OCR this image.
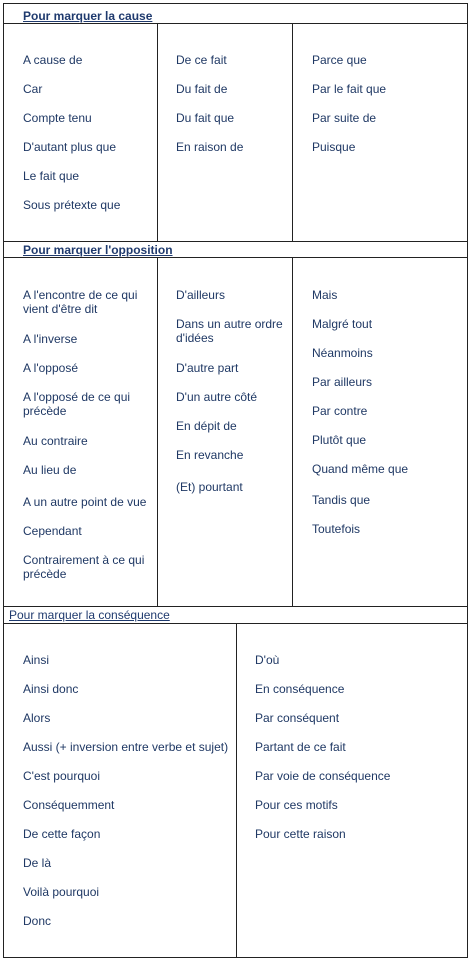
Pour marquer la cause
A cause de
Car
Compte tenu
D'autant plus que
Le fait que
Sous prétexte que
De ce fait
Du fait de
Du fait que
En raison de
Parce que
Par le fait que
Par suite de
Puisque
Pour marquer l'opposition
A l'encontre de ce qui vient d'être dit
A l'inverse
A l'opposé
A l'opposé de ce qui précède
Au contraire
Au lieu de
A un autre point de vue
Cependant
Contrairement à ce qui précède
D'ailleurs
Dans un autre ordre d'idées
D'autre part
D'un autre côté
En dépit de
En revanche
(Et) pourtant
Mais
Malgré tout
Néanmoins
Par ailleurs
Par contre
Plutôt que
Quand même que
Tandis que
Toutefois
Pour marquer la conséquence
Ainsi
Ainsi donc
Alors
Aussi (+ inversion entre verbe et sujet)
C'est pourquoi
Conséquemment
De cette façon
De là
Voilà pourquoi
Donc
D'où
En conséquence
Par conséquent
Partant de ce fait
Par voie de conséquence
Pour ces motifs
Pour cette raison
